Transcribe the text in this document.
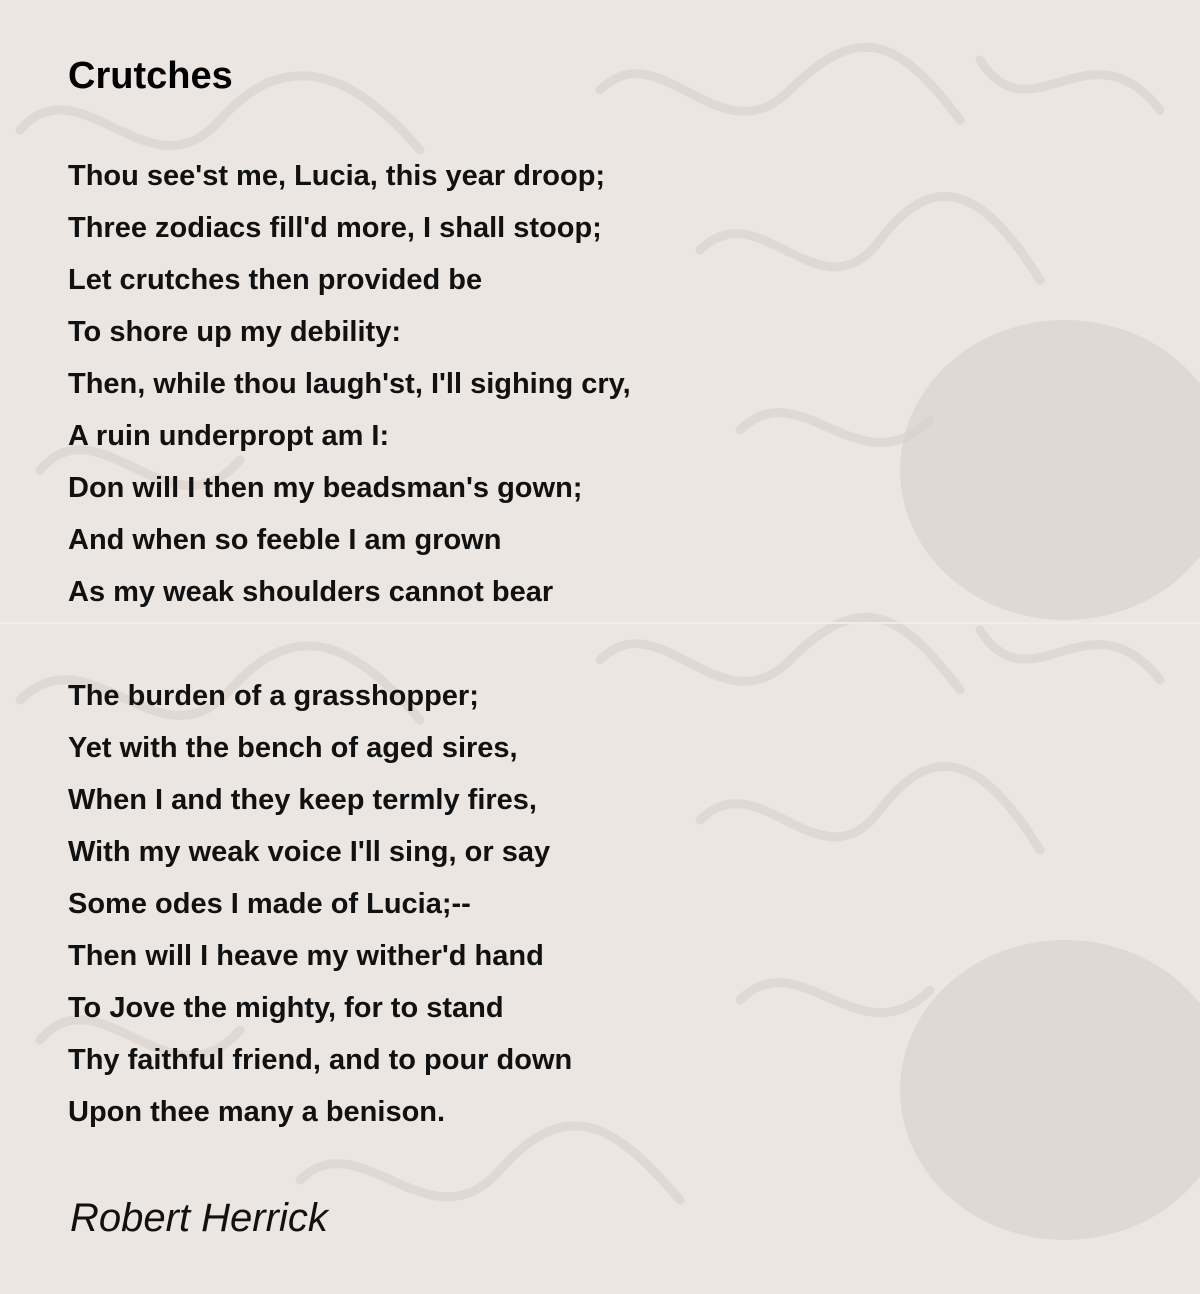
Crutches
Thou see'st me, Lucia, this year droop;
Three zodiacs fill'd more, I shall stoop;
Let crutches then provided be
To shore up my debility:
Then, while thou laugh'st, I'll sighing cry,
A ruin underpropt am I:
Don will I then my beadsman's gown;
And when so feeble I am grown
As my weak shoulders cannot bear
The burden of a grasshopper;
Yet with the bench of aged sires,
When I and they keep termly fires,
With my weak voice I'll sing, or say
Some odes I made of Lucia;--
Then will I heave my wither'd hand
To Jove the mighty, for to stand
Thy faithful friend, and to pour down
Upon thee many a benison.

Robert Herrick
